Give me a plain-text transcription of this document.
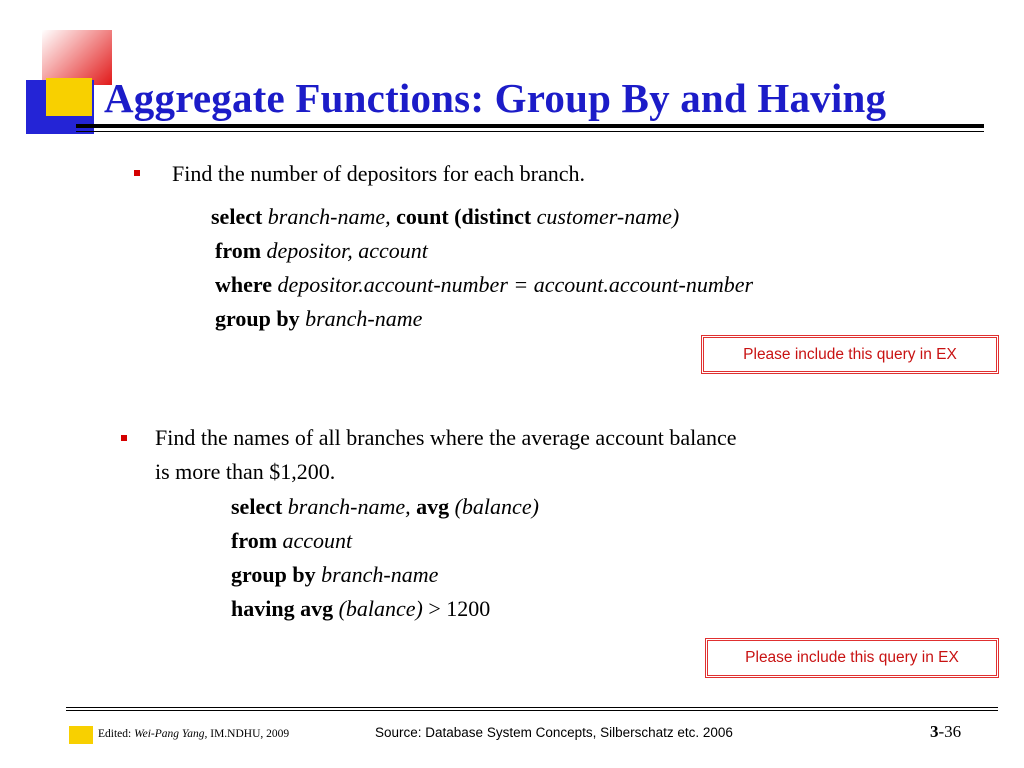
Aggregate Functions: Group By and Having
Find the number of depositors for each branch.
select branch-name, count (distinct customer-name)
from depositor, account
where depositor.account-number = account.account-number
group by branch-name
Please include this query in EX
Find the names of all branches where the average account balance
is more than $1,200.
select branch-name, avg (balance)
from account
group by branch-name
having avg (balance) > 1200
Please include this query in EX
Edited: Wei-Pang Yang, IM.NDHU, 2009	Source: Database System Concepts, Silberschatz etc. 2006	3-36
